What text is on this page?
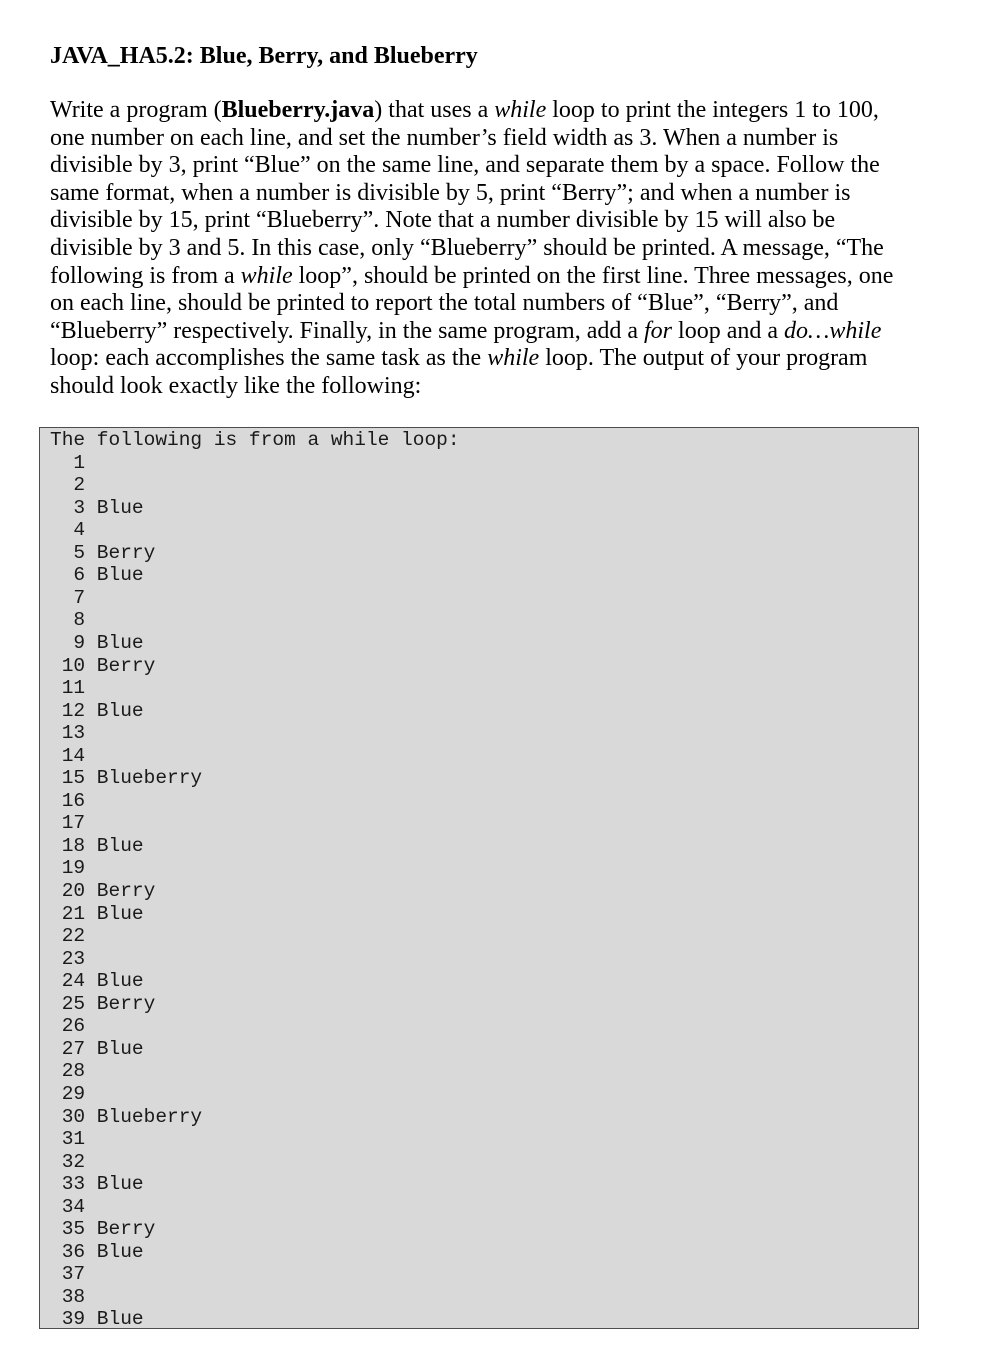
JAVA_HA5.2: Blue, Berry, and Blueberry
Write a program (Blueberry.java) that uses a while loop to print the integers 1 to 100,
one number on each line, and set the number’s field width as 3. When a number is
divisible by 3, print “Blue” on the same line, and separate them by a space. Follow the
same format, when a number is divisible by 5, print “Berry”; and when a number is
divisible by 15, print “Blueberry”. Note that a number divisible by 15 will also be
divisible by 3 and 5. In this case, only “Blueberry” should be printed. A message, “The
following is from a while loop”, should be printed on the first line. Three messages, one
on each line, should be printed to report the total numbers of “Blue”, “Berry”, and
“Blueberry” respectively. Finally, in the same program, add a for loop and a do…while
loop: each accomplishes the same task as the while loop. The output of your program
should look exactly like the following:
The following is from a while loop:
1
2
3 Blue
4
5 Berry
6 Blue
7
8
9 Blue
10 Berry
11
12 Blue
13
14
15 Blueberry
16
17
18 Blue
19
20 Berry
21 Blue
22
23
24 Blue
25 Berry
26
27 Blue
28
29
30 Blueberry
31
32
33 Blue
34
35 Berry
36 Blue
37
38
39 Blue
